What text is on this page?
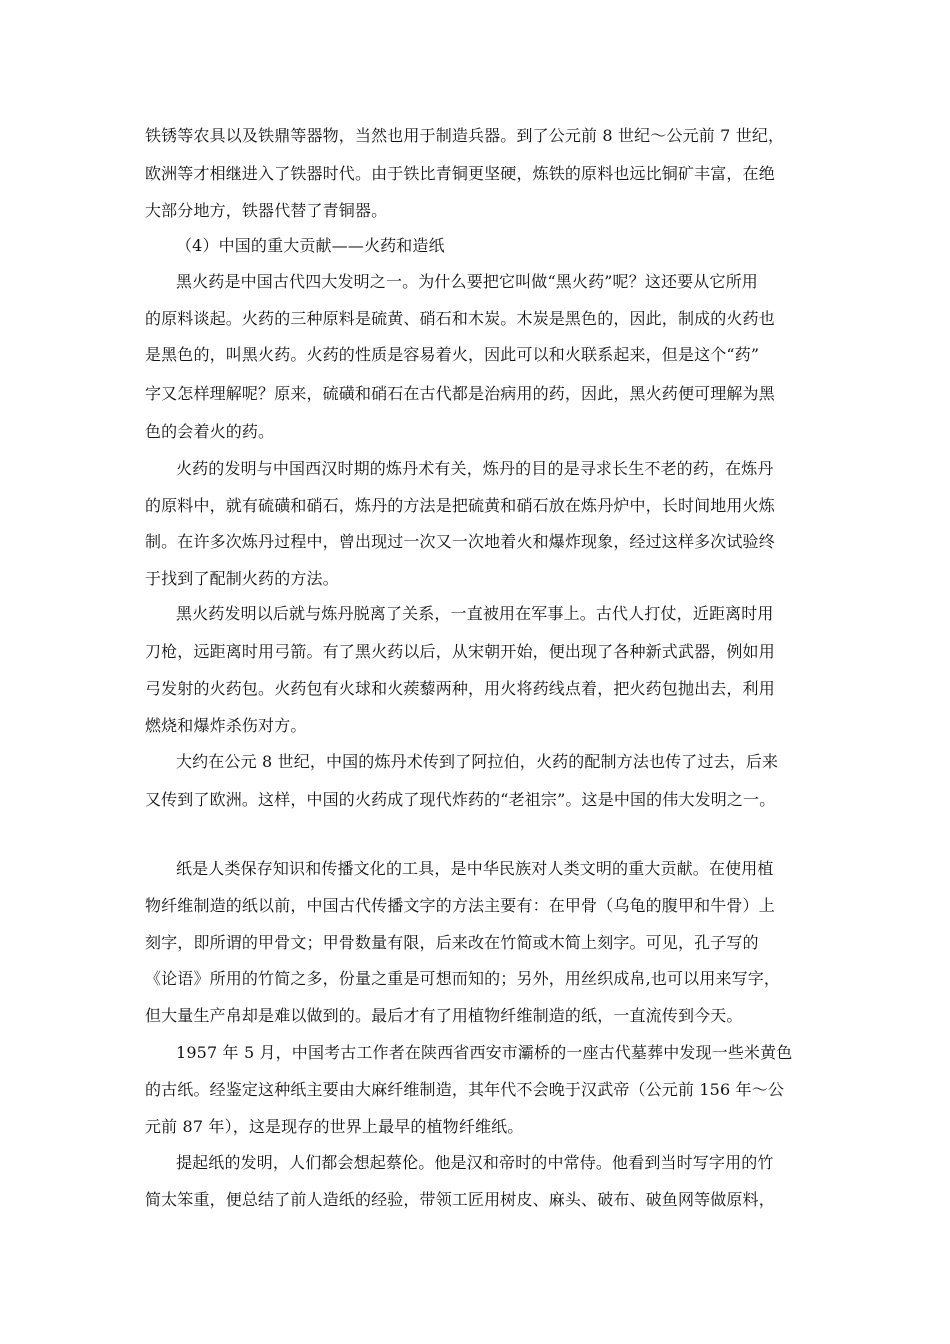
铁锈等农具以及铁鼎等器物，当然也用于制造兵器。到了公元前 8 世纪～公元前 7 世纪，
欧洲等才相继进入了铁器时代。由于铁比青铜更坚硬，炼铁的原料也远比铜矿丰富，在绝
大部分地方，铁器代替了青铜器。
（4）中国的重大贡献——火药和造纸
黑火药是中国古代四大发明之一。为什么要把它叫做“黑火药”呢？这还要从它所用
的原料谈起。火药的三种原料是硫黄、硝石和木炭。木炭是黑色的，因此，制成的火药也
是黑色的，叫黑火药。火药的性质是容易着火，因此可以和火联系起来，但是这个“药”
字又怎样理解呢？原来，硫磺和硝石在古代都是治病用的药，因此，黑火药便可理解为黑
色的会着火的药。
火药的发明与中国西汉时期的炼丹术有关，炼丹的目的是寻求长生不老的药，在炼丹
的原料中，就有硫磺和硝石，炼丹的方法是把硫黄和硝石放在炼丹炉中，长时间地用火炼
制。在许多次炼丹过程中，曾出现过一次又一次地着火和爆炸现象，经过这样多次试验终
于找到了配制火药的方法。
黑火药发明以后就与炼丹脱离了关系，一直被用在军事上。古代人打仗，近距离时用
刀枪，远距离时用弓箭。有了黑火药以后，从宋朝开始，便出现了各种新式武器，例如用
弓发射的火药包。火药包有火球和火蒺藜两种，用火将药线点着，把火药包抛出去，利用
燃烧和爆炸杀伤对方。
大约在公元 8 世纪，中国的炼丹术传到了阿拉伯，火药的配制方法也传了过去，后来
又传到了欧洲。这样，中国的火药成了现代炸药的“老祖宗”。这是中国的伟大发明之一。
纸是人类保存知识和传播文化的工具，是中华民族对人类文明的重大贡献。在使用植
物纤维制造的纸以前，中国古代传播文字的方法主要有：在甲骨（乌龟的腹甲和牛骨）上
刻字，即所谓的甲骨文；甲骨数量有限，后来改在竹简或木简上刻字。可见，孔子写的
《论语》所用的竹简之多，份量之重是可想而知的；另外，用丝织成帛,也可以用来写字，
但大量生产帛却是难以做到的。最后才有了用植物纤维制造的纸，一直流传到今天。
1957 年 5 月，中国考古工作者在陕西省西安市灞桥的一座古代墓葬中发现一些米黄色
的古纸。经鉴定这种纸主要由大麻纤维制造，其年代不会晚于汉武帝（公元前 156 年～公
元前 87 年），这是现存的世界上最早的植物纤维纸。
提起纸的发明，人们都会想起蔡伦。他是汉和帝时的中常侍。他看到当时写字用的竹
简太笨重，便总结了前人造纸的经验，带领工匠用树皮、麻头、破布、破鱼网等做原料，
